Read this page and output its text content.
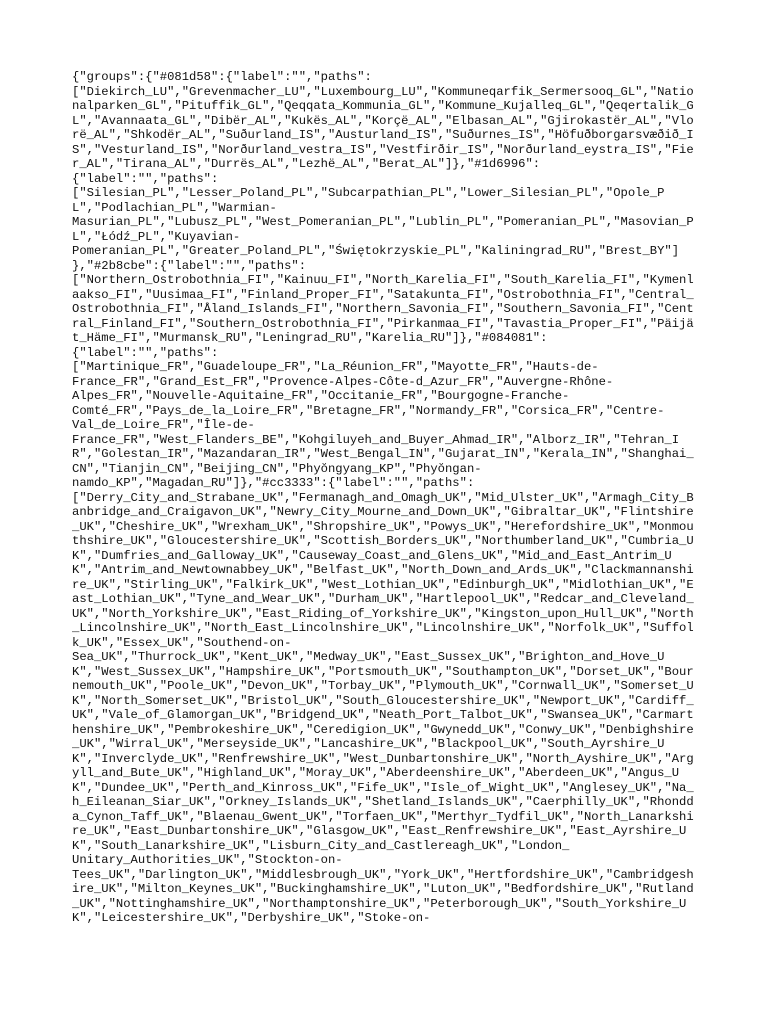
{"groups":{"#081d58":{"label":"","paths":
["Diekirch_LU","Grevenmacher_LU","Luxembourg_LU","Kommuneqarfik_Sermersooq_GL","Nationalparken_GL","Pituffik_GL","Qeqqata_Kommunia_GL","Kommune_Kujalleq_GL","Qeqertalik_GL","Avannaata_GL","Dibër_AL","Kukës_AL","Korçë_AL","Elbasan_AL","Gjirokastër_AL","Vlorë_AL","Shkodër_AL","Suðurland_IS","Austurland_IS","Suðurnes_IS","Höfuðborgarsvæðið_IS","Vesturland_IS","Norðurland_vestra_IS","Vestfirðir_IS","Norðurland_eystra_IS","Fier_AL","Tirana_AL","Durrës_AL","Lezhë_AL","Berat_AL"]},"#1d6996":
{"label":"","paths":
["Silesian_PL","Lesser_Poland_PL","Subcarpathian_PL","Lower_Silesian_PL","Opole_PL","Podlachian_PL","Warmian-
Masurian_PL","Lubusz_PL","West_Pomeranian_PL","Lublin_PL","Pomeranian_PL","Masovian_PL","Łódź_PL","Kuyavian-
Pomeranian_PL","Greater_Poland_PL","Świętokrzyskie_PL","Kaliningrad_RU","Brest_BY"]
},"#2b8cbe":{"label":"","paths":
["Northern_Ostrobothnia_FI","Kainuu_FI","North_Karelia_FI","South_Karelia_FI","Kymenlaakso_FI","Uusimaa_FI","Finland_Proper_FI","Satakunta_FI","Ostrobothnia_FI","Central_Ostrobothnia_FI","Åland_Islands_FI","Northern_Savonia_FI","Southern_Savonia_FI","Central_Finland_FI","Southern_Ostrobothnia_FI","Pirkanmaa_FI","Tavastia_Proper_FI","Päijät_Häme_FI","Murmansk_RU","Leningrad_RU","Karelia_RU"]},"#084081":
{"label":"","paths":
["Martinique_FR","Guadeloupe_FR","La_Réunion_FR","Mayotte_FR","Hauts-de-
France_FR","Grand_Est_FR","Provence-Alpes-Côte-d_Azur_FR","Auvergne-Rhône-
Alpes_FR","Nouvelle-Aquitaine_FR","Occitanie_FR","Bourgogne-Franche-
Comté_FR","Pays_de_la_Loire_FR","Bretagne_FR","Normandy_FR","Corsica_FR","Centre-
Val_de_Loire_FR","Île-de-
France_FR","West_Flanders_BE","Kohgiluyeh_and_Buyer_Ahmad_IR","Alborz_IR","Tehran_IR","Golestan_IR","Mazandaran_IR","West_Bengal_IN","Gujarat_IN","Kerala_IN","Shanghai_CN","Tianjin_CN","Beijing_CN","Phyŏngyang_KP","Phyŏngan-
namdo_KP","Magadan_RU"]},"#cc3333":{"label":"","paths":
["Derry_City_and_Strabane_UK","Fermanagh_and_Omagh_UK","Mid_Ulster_UK","Armagh_City_Banbridge_and_Craigavon_UK","Newry_City_Mourne_and_Down_UK","Gibraltar_UK","Flintshire_UK","Cheshire_UK","Wrexham_UK","Shropshire_UK","Powys_UK","Herefordshire_UK","Monmouthshire_UK","Gloucestershire_UK","Scottish_Borders_UK","Northumberland_UK","Cumbria_UK","Dumfries_and_Galloway_UK","Causeway_Coast_and_Glens_UK","Mid_and_East_Antrim_UK","Antrim_and_Newtownabbey_UK","Belfast_UK","North_Down_and_Ards_UK","Clackmannanshire_UK","Stirling_UK","Falkirk_UK","West_Lothian_UK","Edinburgh_UK","Midlothian_UK","East_Lothian_UK","Tyne_and_Wear_UK","Durham_UK","Hartlepool_UK","Redcar_and_Cleveland_UK","North_Yorkshire_UK","East_Riding_of_Yorkshire_UK","Kingston_upon_Hull_UK","North_Lincolnshire_UK","North_East_Lincolnshire_UK","Lincolnshire_UK","Norfolk_UK","Suffolk_UK","Essex_UK","Southend-on-
Sea_UK","Thurrock_UK","Kent_UK","Medway_UK","East_Sussex_UK","Brighton_and_Hove_UK","West_Sussex_UK","Hampshire_UK","Portsmouth_UK","Southampton_UK","Dorset_UK","Bournemouth_UK","Poole_UK","Devon_UK","Torbay_UK","Plymouth_UK","Cornwall_UK","Somerset_UK","North_Somerset_UK","Bristol_UK","South_Gloucestershire_UK","Newport_UK","Cardiff_UK","Vale_of_Glamorgan_UK","Bridgend_UK","Neath_Port_Talbot_UK","Swansea_UK","Carmarthenshire_UK","Pembrokeshire_UK","Ceredigion_UK","Gwynedd_UK","Conwy_UK","Denbighshire_UK","Wirral_UK","Merseyside_UK","Lancashire_UK","Blackpool_UK","South_Ayrshire_UK","Inverclyde_UK","Renfrewshire_UK","West_Dunbartonshire_UK","North_Ayshire_UK","Argyll_and_Bute_UK","Highland_UK","Moray_UK","Aberdeenshire_UK","Aberdeen_UK","Angus_UK","Dundee_UK","Perth_and_Kinross_UK","Fife_UK","Isle_of_Wight_UK","Anglesey_UK","Na_h_Eileanan_Siar_UK","Orkney_Islands_UK","Shetland_Islands_UK","Caerphilly_UK","Rhondda_Cynon_Taff_UK","Blaenau_Gwent_UK","Torfaen_UK","Merthyr_Tydfil_UK","North_Lanarkshire_UK","East_Dunbartonshire_UK","Glasgow_UK","East_Renfrewshire_UK","East_Ayrshire_UK","South_Lanarkshire_UK","Lisburn_City_and_Castlereagh_UK","London_
Unitary_Authorities_UK","Stockton-on-
Tees_UK","Darlington_UK","Middlesbrough_UK","York_UK","Hertfordshire_UK","Cambridgeshire_UK","Milton_Keynes_UK","Buckinghamshire_UK","Luton_UK","Bedfordshire_UK","Rutland_UK","Nottinghamshire_UK","Northamptonshire_UK","Peterborough_UK","South_Yorkshire_UK","Leicestershire_UK","Derbyshire_UK","Stoke-on-
